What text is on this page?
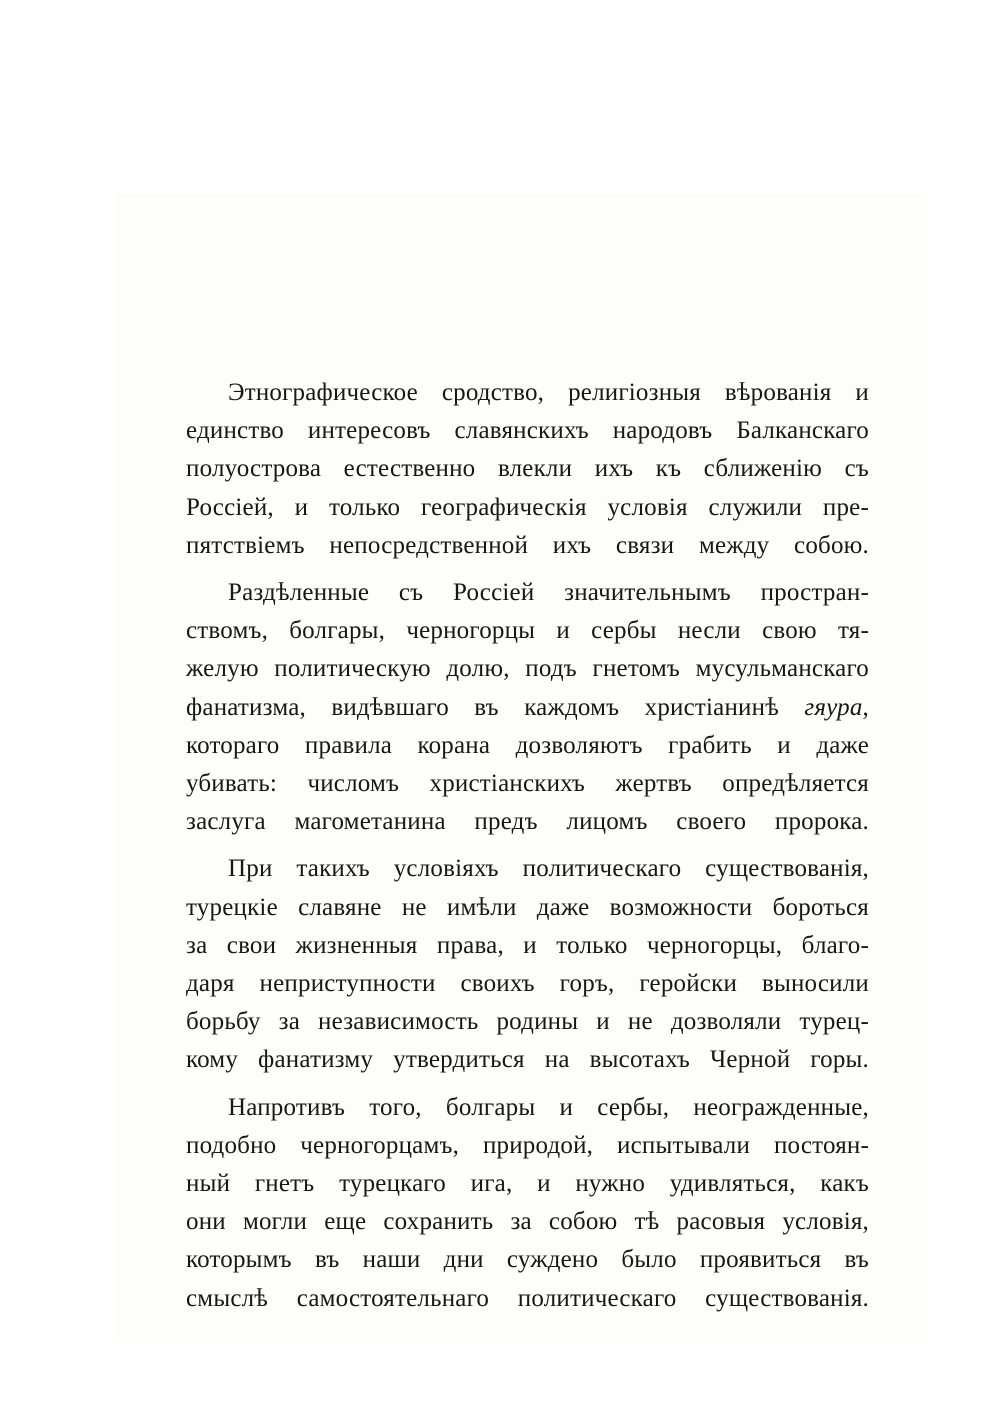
Этнографическое сродство, религіозныя вѣрованія и
единство интересовъ славянскихъ народовъ Балканскаго
полуострова естественно влекли ихъ къ сближенію съ
Россіей, и только географическія условія служили пре-
пятствіемъ непосредственной ихъ связи между собою.
Раздѣленные съ Россіей значительнымъ простран-
ствомъ, болгары, черногорцы и сербы несли свою тя-
желую политическую долю, подъ гнетомъ мусульманскаго
фанатизма, видѣвшаго въ каждомъ христіанинѣ гяура,
котораго правила корана дозволяютъ грабить и даже
убивать: числомъ христіанскихъ жертвъ опредѣляется
заслуга магометанина предъ лицомъ своего пророка.
При такихъ условіяхъ политическаго существованія,
турецкіе славяне не имѣли даже возможности бороться
за свои жизненныя права, и только черногорцы, благо-
даря неприступности своихъ горъ, геройски выносили
борьбу за независимость родины и не дозволяли турец-
кому фанатизму утвердиться на высотахъ Черной горы.
Напротивъ того, болгары и сербы, неогражденные,
подобно черногорцамъ, природой, испытывали постоян-
ный гнетъ турецкаго ига, и нужно удивляться, какъ
они могли еще сохранить за собою тѣ расовыя условія,
которымъ въ наши дни суждено было проявиться въ
смыслѣ самостоятельнаго политическаго существованія.
